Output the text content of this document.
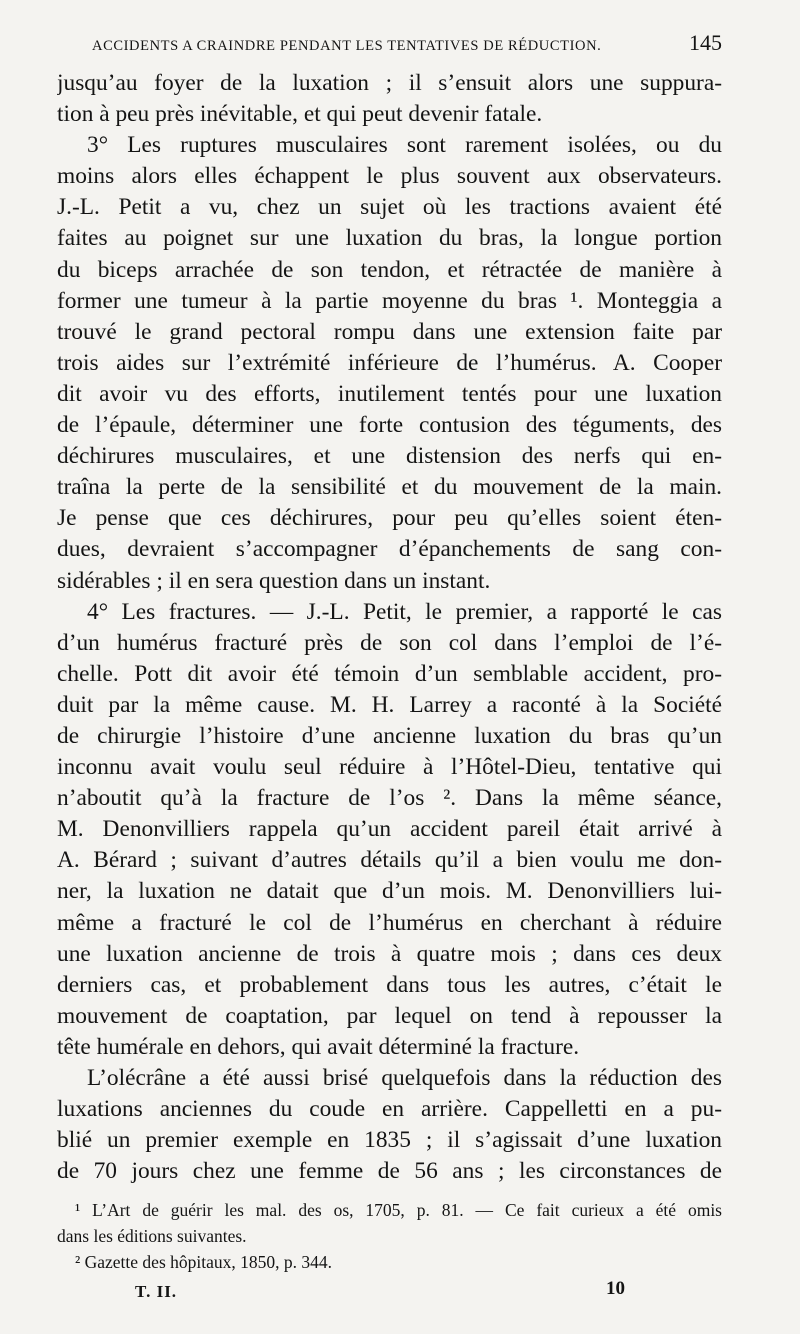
ACCIDENTS A CRAINDRE PENDANT LES TENTATIVES DE RÉDUCTION.	145
jusqu’au foyer de la luxation ; il s’ensuit alors une suppura-
tion à peu près inévitable, et qui peut devenir fatale.
3° Les ruptures musculaires sont rarement isolées, ou du
moins alors elles échappent le plus souvent aux observateurs.
J.-L. Petit a vu, chez un sujet où les tractions avaient été
faites au poignet sur une luxation du bras, la longue portion
du biceps arrachée de son tendon, et rétractée de manière à
former une tumeur à la partie moyenne du bras ¹. Monteggia a
trouvé le grand pectoral rompu dans une extension faite par
trois aides sur l’extrémité inférieure de l’humérus. A. Cooper
dit avoir vu des efforts, inutilement tentés pour une luxation
de l’épaule, déterminer une forte contusion des téguments, des
déchirures musculaires, et une distension des nerfs qui en-
traîna la perte de la sensibilité et du mouvement de la main.
Je pense que ces déchirures, pour peu qu’elles soient éten-
dues, devraient s’accompagner d’épanchements de sang con-
sidérables ; il en sera question dans un instant.
4° Les fractures. — J.-L. Petit, le premier, a rapporté le cas
d’un humérus fracturé près de son col dans l’emploi de l’é-
chelle. Pott dit avoir été témoin d’un semblable accident, pro-
duit par la même cause. M. H. Larrey a raconté à la Société
de chirurgie l’histoire d’une ancienne luxation du bras qu’un
inconnu avait voulu seul réduire à l’Hôtel-Dieu, tentative qui
n’aboutit qu’à la fracture de l’os ². Dans la même séance,
M. Denonvilliers rappela qu’un accident pareil était arrivé à
A. Bérard ; suivant d’autres détails qu’il a bien voulu me don-
ner, la luxation ne datait que d’un mois. M. Denonvilliers lui-
même a fracturé le col de l’humérus en cherchant à réduire
une luxation ancienne de trois à quatre mois ; dans ces deux
derniers cas, et probablement dans tous les autres, c’était le
mouvement de coaptation, par lequel on tend à repousser la
tête humérale en dehors, qui avait déterminé la fracture.
L’olécrâne a été aussi brisé quelquefois dans la réduction des
luxations anciennes du coude en arrière. Cappelletti en a pu-
blié un premier exemple en 1835 ; il s’agissait d’une luxation
de 70 jours chez une femme de 56 ans ; les circonstances de
¹ L’Art de guérir les mal. des os, 1705, p. 81. — Ce fait curieux a été omis
dans les éditions suivantes.
² Gazette des hôpitaux, 1850, p. 344.
T. II.	10
